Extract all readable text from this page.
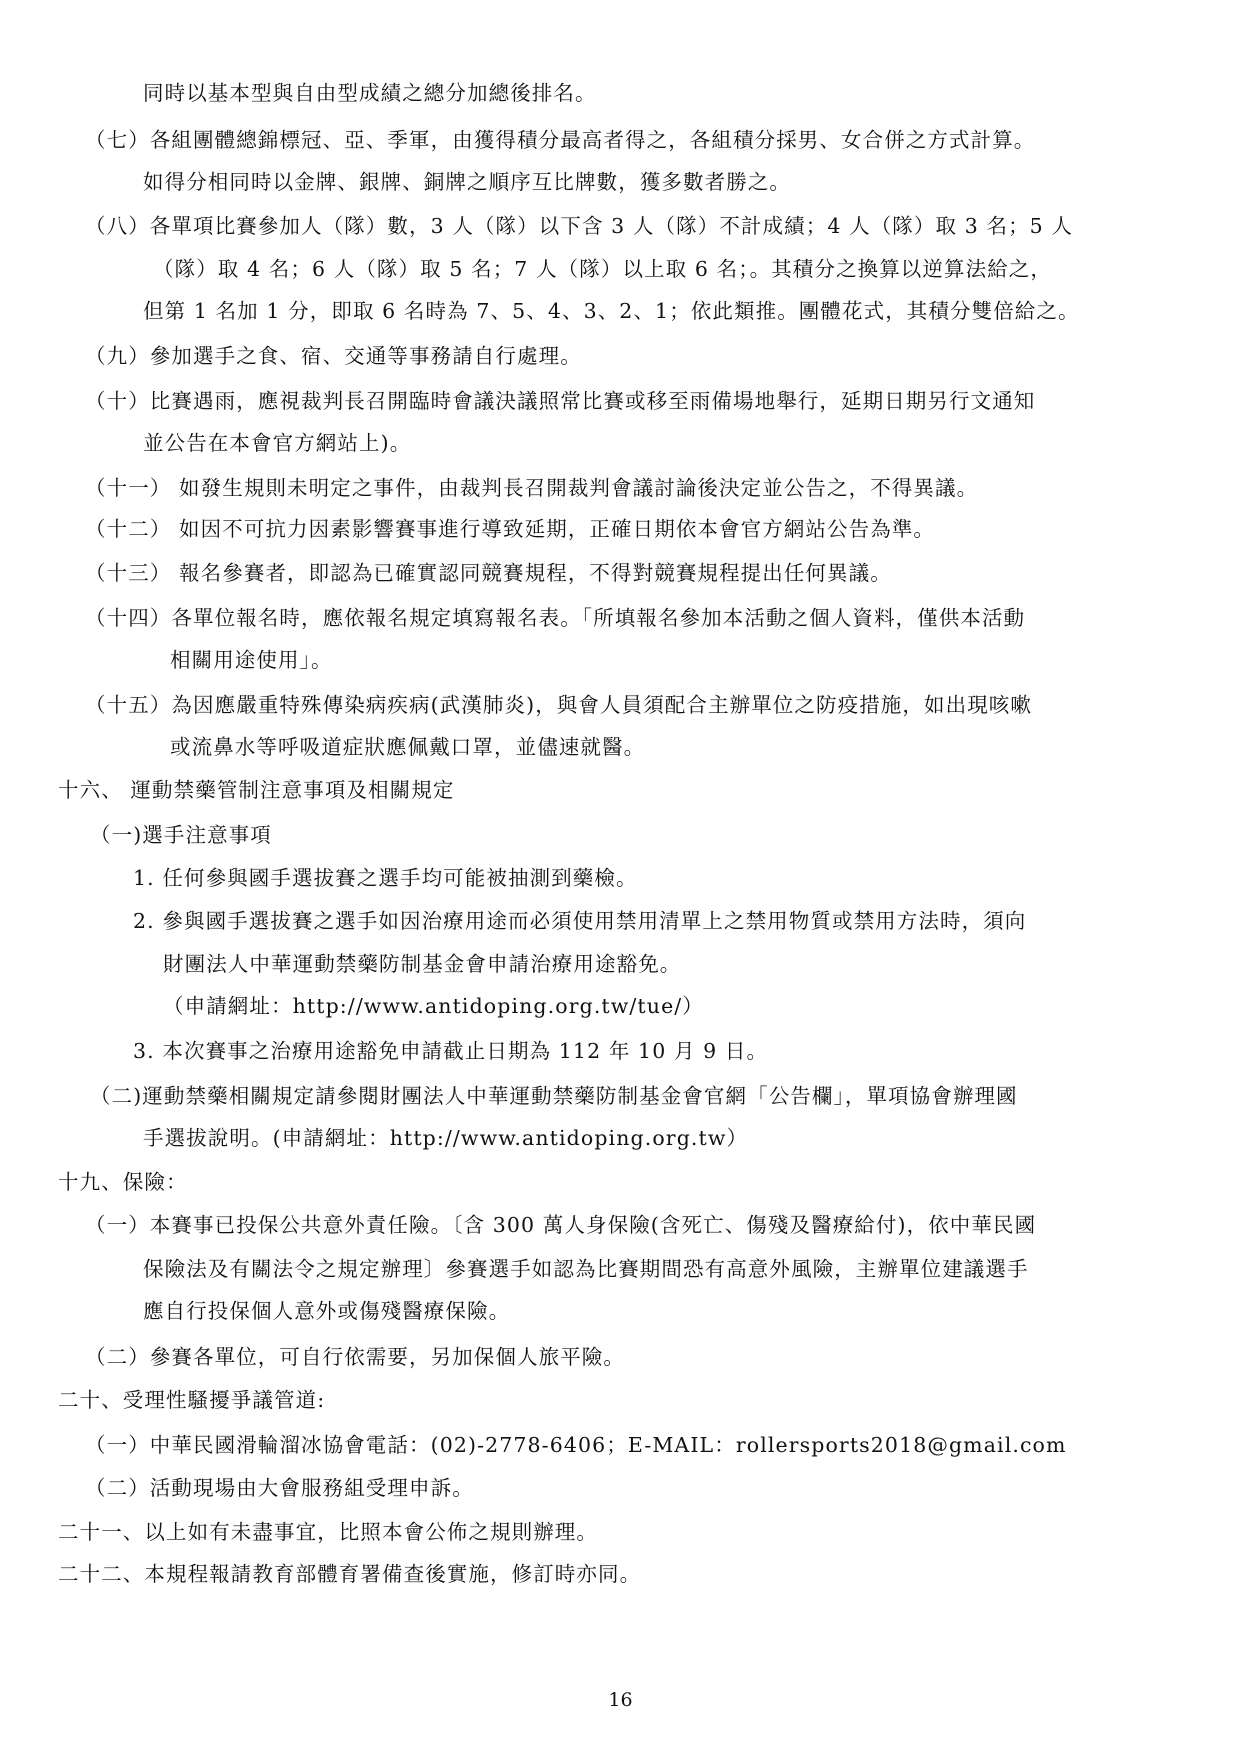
同時以基本型與自由型成績之總分加總後排名。
（七）各組團體總錦標冠、亞、季軍，由獲得積分最高者得之，各組積分採男、女合併之方式計算。
如得分相同時以金牌、銀牌、銅牌之順序互比牌數，獲多數者勝之。
（八）各單項比賽參加人（隊）數，3 人（隊）以下含 3 人（隊）不計成績；4 人（隊）取 3 名；5 人
（隊）取 4 名；6 人（隊）取 5 名；7 人（隊）以上取 6 名；。其積分之換算以逆算法給之，
但第 1 名加 1 分，即取 6 名時為 7、5、4、3、2、1；依此類推。團體花式，其積分雙倍給之。
（九）參加選手之食、宿、交通等事務請自行處理。
（十）比賽遇雨，應視裁判長召開臨時會議決議照常比賽或移至雨備場地舉行，延期日期另行文通知
並公告在本會官方網站上)。
（十一） 如發生規則未明定之事件，由裁判長召開裁判會議討論後決定並公告之，不得異議。
（十二） 如因不可抗力因素影響賽事進行導致延期，正確日期依本會官方網站公告為準。
（十三） 報名參賽者，即認為已確實認同競賽規程，不得對競賽規程提出任何異議。
（十四）各單位報名時，應依報名規定填寫報名表。「所填報名參加本活動之個人資料，僅供本活動
相關用途使用」。
（十五）為因應嚴重特殊傳染病疾病(武漢肺炎)，與會人員須配合主辦單位之防疫措施，如出現咳嗽
或流鼻水等呼吸道症狀應佩戴口罩，並儘速就醫。
十六、 運動禁藥管制注意事項及相關規定
（一)選手注意事項
1. 任何參與國手選拔賽之選手均可能被抽測到藥檢。
2. 參與國手選拔賽之選手如因治療用途而必須使用禁用清單上之禁用物質或禁用方法時，須向
財團法人中華運動禁藥防制基金會申請治療用途豁免。
（申請網址：http://www.antidoping.org.tw/tue/）
3. 本次賽事之治療用途豁免申請截止日期為 112 年 10 月 9 日。
（二)運動禁藥相關規定請參閱財團法人中華運動禁藥防制基金會官網「公告欄」，單項協會辦理國
手選拔說明。(申請網址：http://www.antidoping.org.tw）
十九、保險：
（一）本賽事已投保公共意外責任險。〔含 300 萬人身保險(含死亡、傷殘及醫療給付)，依中華民國
保險法及有關法令之規定辦理〕參賽選手如認為比賽期間恐有高意外風險，主辦單位建議選手
應自行投保個人意外或傷殘醫療保險。
（二）參賽各單位，可自行依需要，另加保個人旅平險。
二十、受理性騷擾爭議管道:
（一）中華民國滑輪溜冰協會電話：(02)-2778-6406；E-MAIL：rollersports2018@gmail.com
（二）活動現場由大會服務組受理申訴。
二十一、以上如有未盡事宜，比照本會公佈之規則辦理。
二十二、本規程報請教育部體育署備查後實施，修訂時亦同。
16
